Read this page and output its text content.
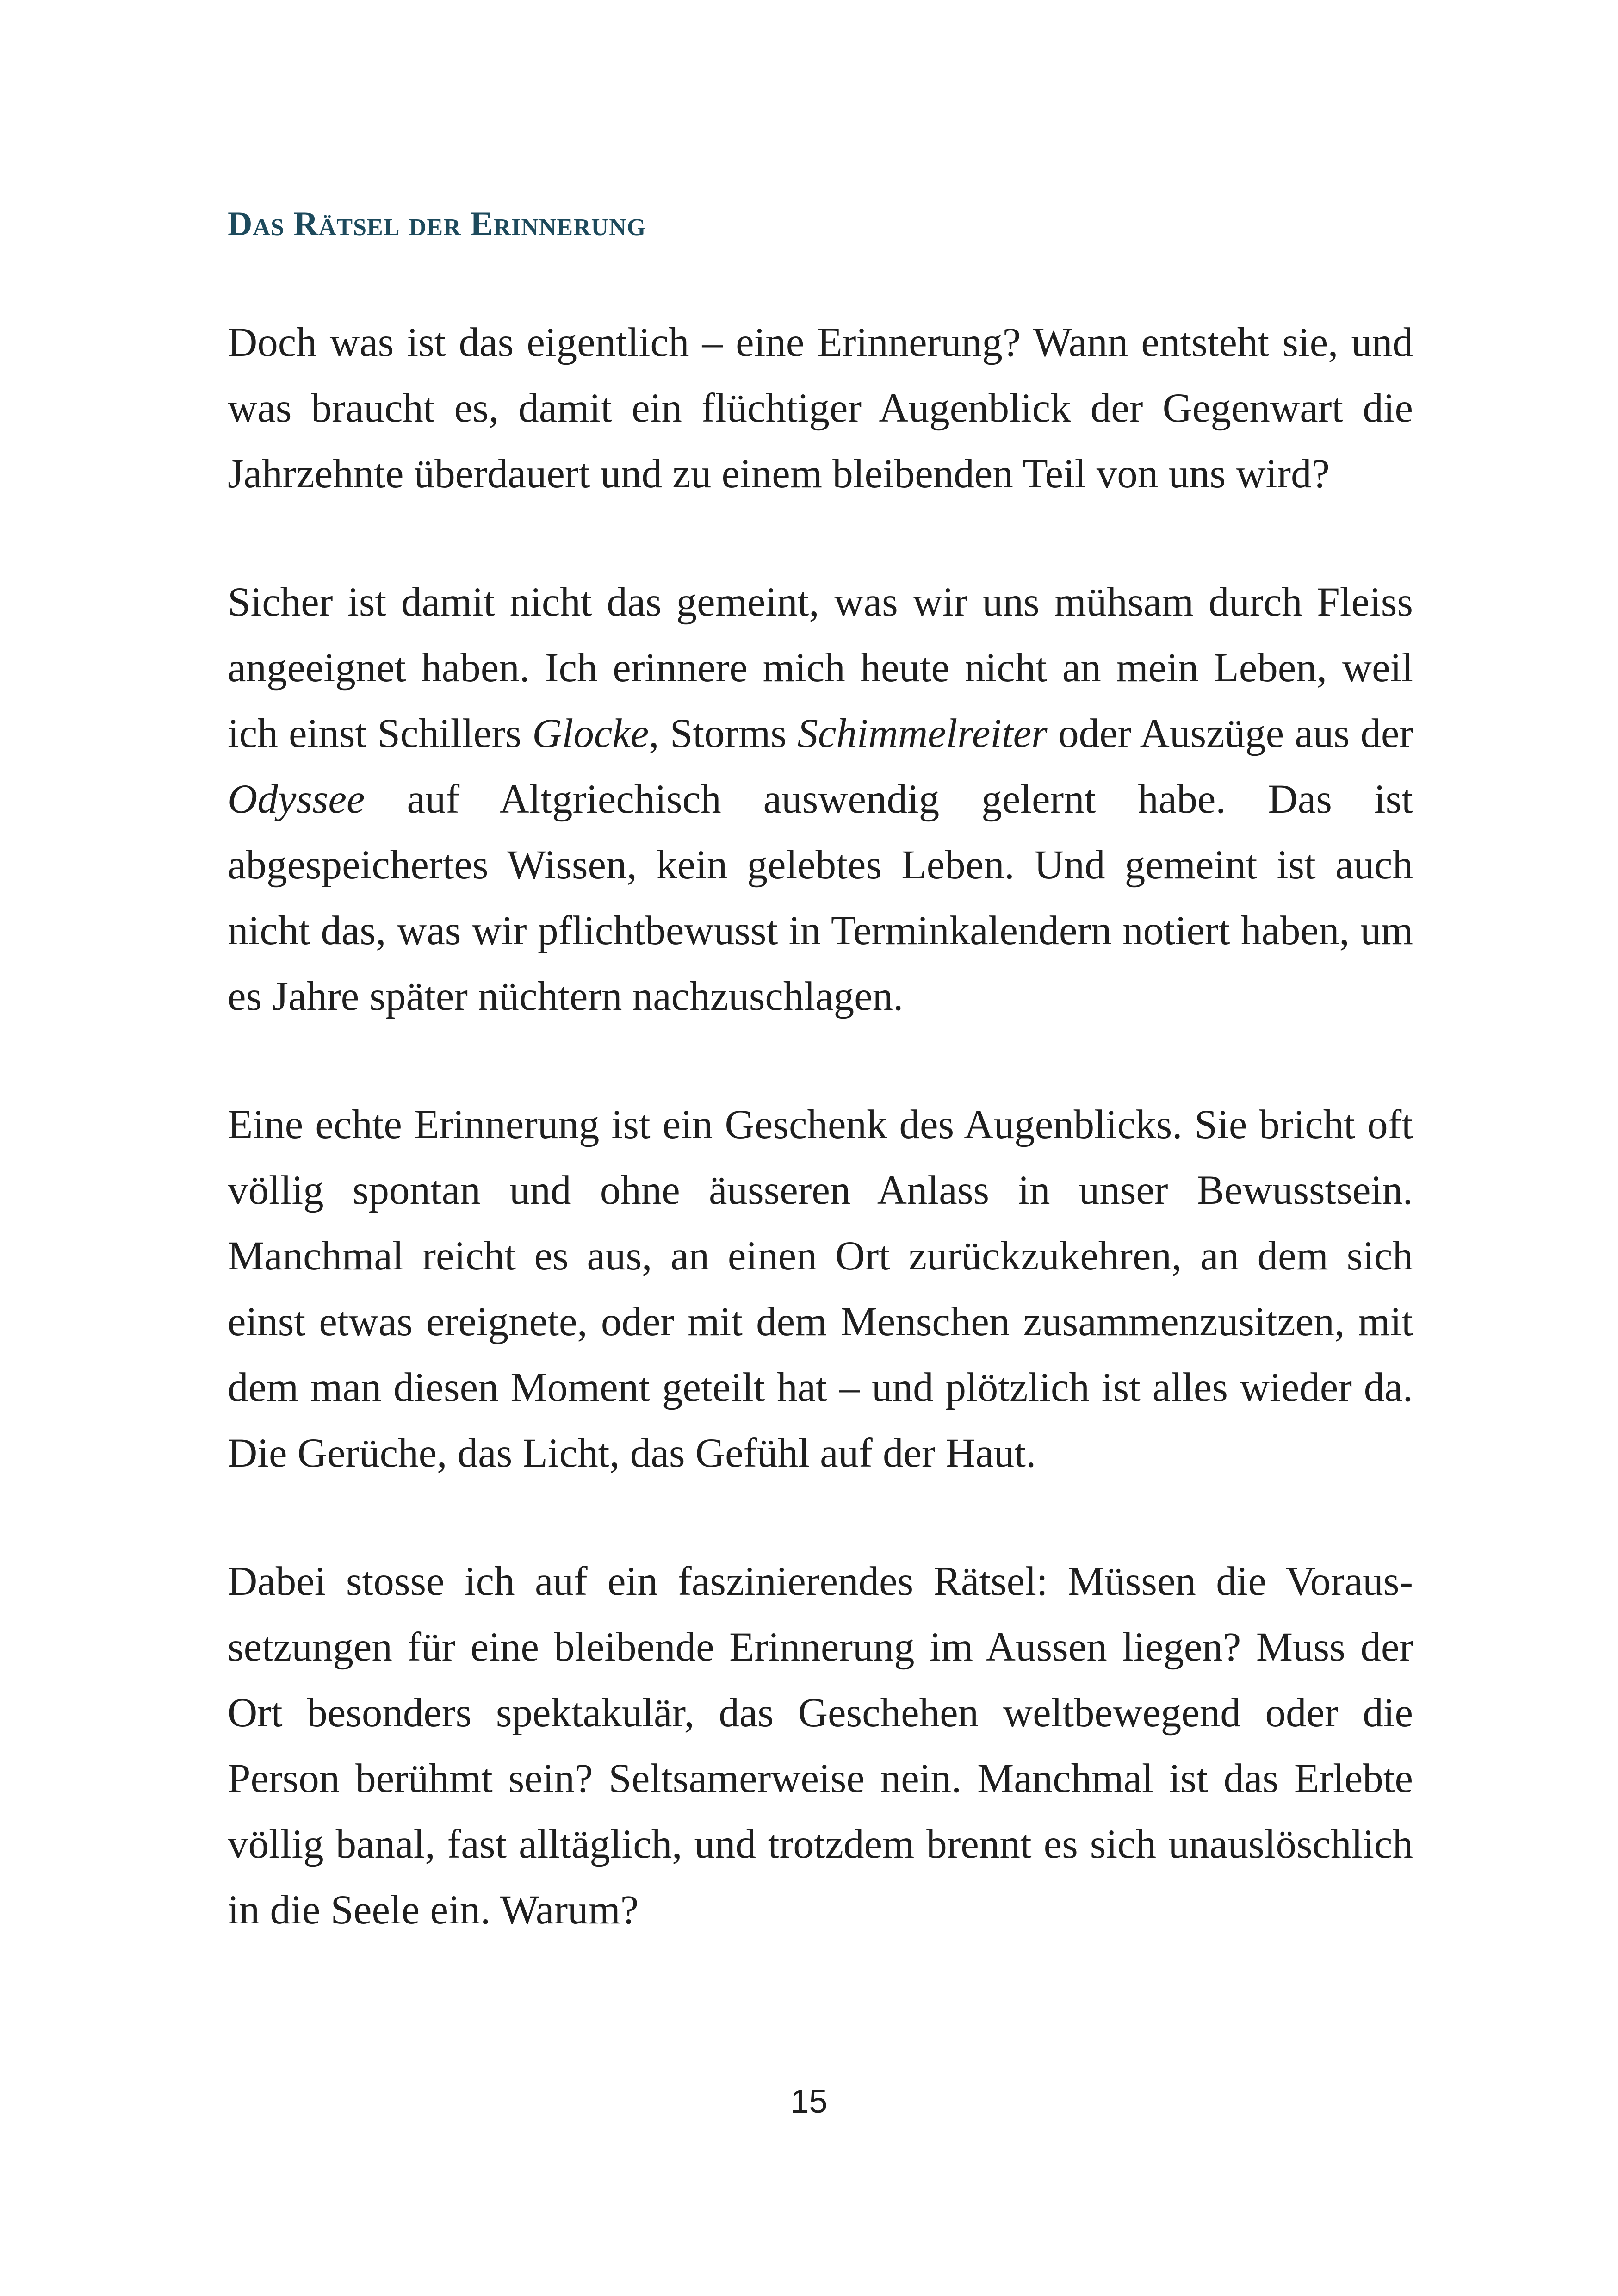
Das Rätsel der Erinnerung

Doch was ist das eigentlich – eine Erinnerung? Wann entsteht sie, und was braucht es, damit ein flüchtiger Augenblick der Gegenwart die Jahrzehnte überdauert und zu einem bleibenden Teil von uns wird?

Sicher ist damit nicht das gemeint, was wir uns mühsam durch Fleiss angeeignet haben. Ich erinnere mich heute nicht an mein Leben, weil ich einst Schillers Glocke, Storms Schimmelreiter oder Auszüge aus der Odyssee auf Altgriechisch auswendig gelernt habe. Das ist abgespeichertes Wissen, kein gelebtes Leben. Und gemeint ist auch nicht das, was wir pflichtbewusst in Terminkalendern notiert haben, um es Jahre später nüchtern nachzuschlagen.

Eine echte Erinnerung ist ein Geschenk des Augenblicks. Sie bricht oft völlig spontan und ohne äusseren Anlass in unser Bewusstsein. Manchmal reicht es aus, an einen Ort zurückzukehren, an dem sich einst etwas ereignete, oder mit dem Menschen zusammenzusitzen, mit dem man diesen Moment geteilt hat – und plötzlich ist alles wieder da. Die Gerüche, das Licht, das Gefühl auf der Haut.

Dabei stosse ich auf ein faszinierendes Rätsel: Müssen die Voraussetzungen für eine bleibende Erinnerung im Aussen liegen? Muss der Ort besonders spektakulär, das Geschehen weltbewegend oder die Person berühmt sein? Seltsamerweise nein. Manchmal ist das Erlebte völlig banal, fast alltäglich, und trotzdem brennt es sich unauslöschlich in die Seele ein. Warum?

15
